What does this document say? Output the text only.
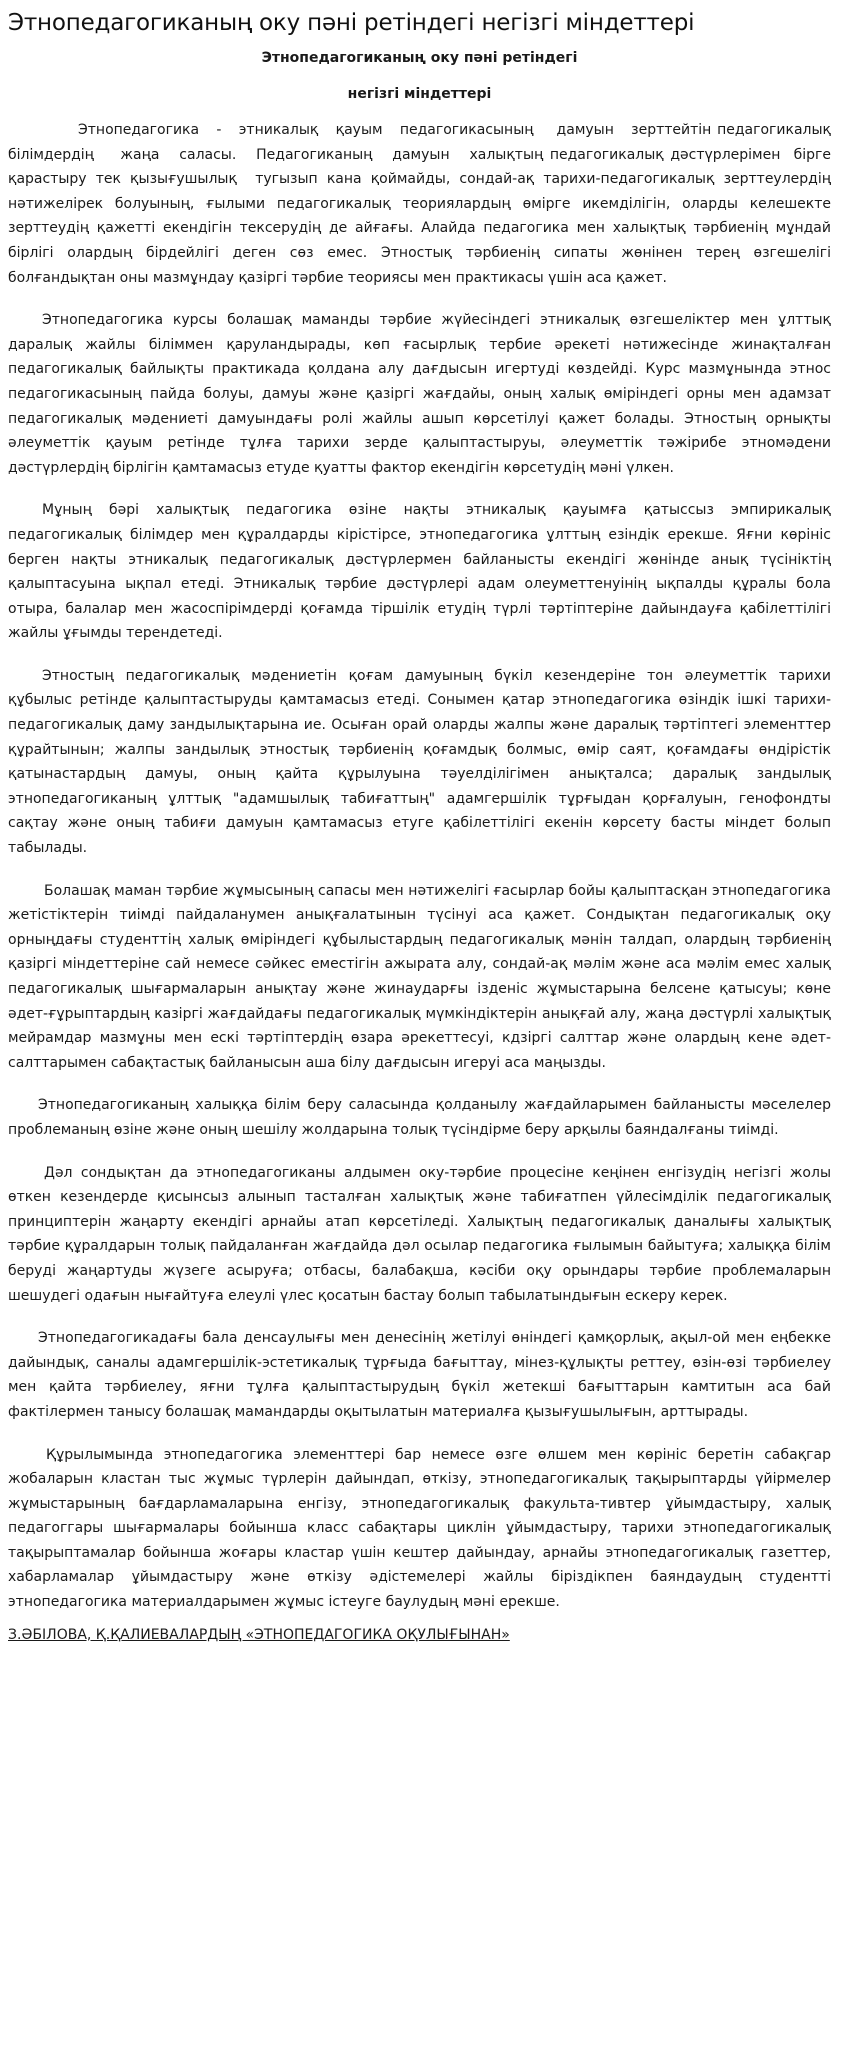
Этнопедагогиканың оку пәні ретіндегі негізгі міндеттері
Этнопедагогиканың оку пәні ретіндегі
негізгі міндеттері

Этнопедагогика   -   этникалық   қауым   педагогикасының    дамуын   зерттейтін педагогикалық   білімдердің    жаңа   саласы.   Педагогиканың   дамуын   халықтың педагогикалық дәстүрлерімен  бірге қарастыру тек қызығушылық  тугызып кана қоймайды, сондай-ақ тарихи-педагогикалық зерттеулердің нәтижелірек болуының, ғылыми педагогикалық теориялардың өмірге икемділігін, оларды келешекте зерттеудің қажетті екендігін тексерудің де айғағы. Алайда педагогика мен халықтық тәрбиенің мұндай бірлігі олардың бірдейлігі деген сөз емес. Этностық тәрбиенің сипаты жөнінен терең өзгешелігі болғандықтан оны мазмұндау қазіргі тәрбие теориясы мен практикасы үшін аса қажет.

Этнопедагогика курсы болашақ маманды тәрбие жүйесіндегі этникалық өзгешеліктер мен ұлттық даралық жайлы біліммен қаруландырады, көп ғасырлық тербие әрекеті нәтижесінде жинақталған педагогикалық байлықты практикада қолдана алу дағдысын игертуді көздейді. Курс мазмұнында этнос педагогикасының пайда болуы, дамуы және қазіргі жағдайы, оның халық өміріндегі орны мен адамзат педагогикалық мәдениеті дамуындағы ролі жайлы ашып көрсетілуі қажет болады. Этностың орнықты әлеуметтік қауым ретінде тұлға тарихи зерде қалыптастыруы, әлеуметтік тәжірибе этномәдени дәстүрлердің бірлігін қамтамасыз етуде қуатты фактор екендігін көрсетудің мәні үлкен.

Мұның бәрі халықтық педагогика өзіне нақты этникалық қауымға қатыссыз эмпирикалық педагогикалық білімдер мен құралдарды кірістірсе, этнопедагогика ұлттың езіндік ерекше. Яғни көрініс берген нақты этникалық педагогикалық дәстүрлермен байланысты екендігі жөнінде анық түсініктің қалыптасуына ықпал етеді. Этникалық тәрбие дәстүрлері адам олеуметтенуінің ықпалды құралы бола отыра, балалар мен жасоспірімдерді қоғамда тіршілік етудің түрлі тәртіптеріне дайындауға қабілеттілігі жайлы ұғымды терендетеді.

Этностың педагогикалық мәдениетін қоғам дамуының бүкіл кезендеріне тон әлеуметтік тарихи құбылыс ретінде қалыптастыруды қамтамасыз етеді. Сонымен қатар этнопедагогика өзіндік ішкі тарихи-педагогикалық даму зандылықтарына ие. Осыған орай оларды жалпы және даралық тәртіптегі элементтер құрайтынын; жалпы зандылық этностық тәрбиенің қоғамдық болмыс, өмір саят, қоғамдағы өндірістік қатынастардың дамуы, оның қайта құрылуына тәуелділігімен анықталса; даралық зандылық этнопедагогиканың ұлттық "адамшылық табиғаттың" адамгершілік тұрғыдан қорғалуын, генофондты сақтау және оның табиғи дамуын қамтамасыз етуге қабілеттілігі екенін көрсету басты міндет болып табылады.

Болашақ маман тәрбие жұмысының сапасы мен нәтижелігі ғасырлар бойы қалыптасқан этнопедагогика жетістіктерін тиімді пайдаланумен анықғалатынын түсінуі аса қажет. Сондықтан педагогикалық оқу орныңдағы студенттің халық өміріндегі құбылыстардың педагогикалық мәнін талдап, олардың тәрбиенің қазіргі міндеттеріне сай немесе сәйкес еместігін ажырата алу, сондай-ақ мәлім және аса мәлім емес халық педагогикалық шығармаларын анықтау және жинаударғы ізденіс жұмыстарына белсене қатысуы; көне әдет-ғұрыптардың казіргі жағдайдағы педагогикалық мүмкіндіктерін анықғай алу, жаңа дәстүрлі халықтық мейрамдар мазмұны мен ескі тәртіптердің өзара әрекеттесуі, кдзіргі салттар және олардың кене әдет-салттарымен сабақтастық байланысын аша білу дағдысын игеруі аса маңызды.

Этнопедагогиканың халыққа білім беру саласында қолданылу жағдайларымен байланысты мәселелер проблеманың өзіне және оның шешілу жолдарына толық түсіндірме беру арқылы баяндалғаны тиімді.

Дәл сондықтан да этнопедагогиканы алдымен оку-тәрбие процесіне кеңінен енгізудің негізгі жолы өткен кезендерде қисынсыз алынып тасталған халықтық және табиғатпен үйлесімділік педагогикалық принциптерін жаңарту екендігі арнайы атап көрсетіледі. Халықтың педагогикалық даналығы халықтық тәрбие құралдарын толық пайдаланған жағдайда дәл осылар педагогика ғылымын байытуға; халыққа білім беруді жаңартуды жүзеге асыруға; отбасы, балабақша, кәсіби оқу орындары тәрбие проблемаларын шешудегі одағын нығайтуға елеулі үлес қосатын бастау болып табылатындығын ескеру керек.

Этнопедагогикадағы бала денсаулығы мен денесінің жетілуі өніндегі қамқорлық, ақыл-ой мен еңбекке дайындық, саналы адамгершілік-эстетикалық тұрғыда бағыттау, мінез-құлықты реттеу, өзін-өзі тәрбиелеу мен қайта тәрбиелеу, яғни тұлға қалыптастырудың бүкіл жетекші бағыттарын камтитын аса бай фактілермен танысу болашақ мамандарды оқытылатын материалға қызығушылығын, арттырады.

Құрылымында этнопедагогика элементтері бар немесе өзге өлшем мен көрініс беретін сабақгар жобаларын кластан тыс жұмыс түрлерін дайындап, өткізу, этнопедагогикалық тақырыптарды үйірмелер жұмыстарының бағдарламаларына енгізу, этнопедагогикалық факультa-тивтер ұйымдастыру, халық педагоггары шығармалары бойынша класс сабақтары циклін ұйымдастыру, тарихи этнопедагогикалық тақырыптамалар бойынша жоғары кластар үшін кештер дайындау, арнайы этнопедагогикалық газеттер, хабарламалар ұйымдастыру және өткізу әдістемелері жайлы біріздікпен баяндаудың студентті этнопедагогика материалдарымен жұмыс істеуге баулудың мәні ерекше.

З.ӘБІЛОВА, Қ.ҚАЛИЕВАЛАРДЫҢ «ЭТНОПЕДАГОГИКА ОҚУЛЫҒЫНАН»
